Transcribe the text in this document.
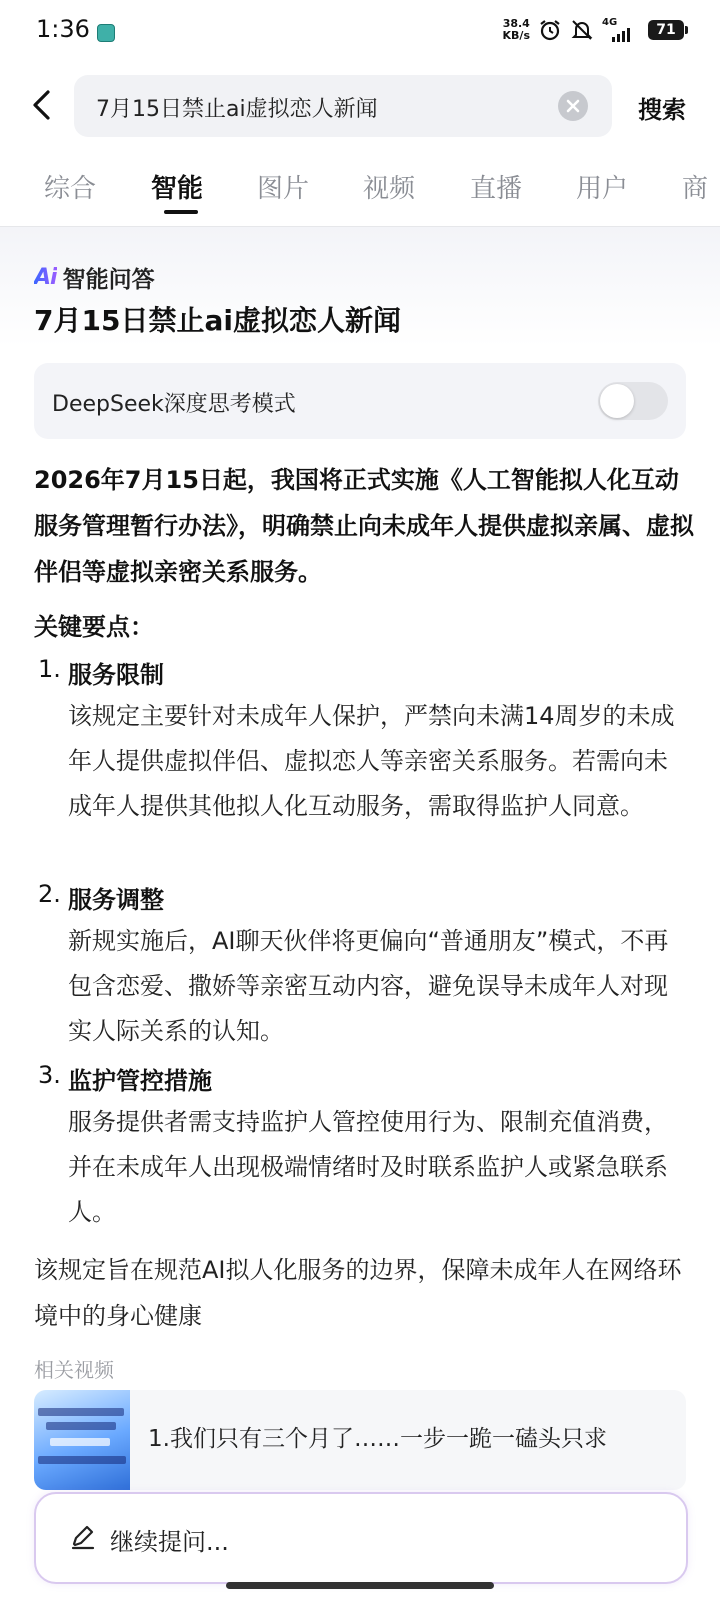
1:36	38.4
KB/s
4G	71
7月15日禁止ai虚拟恋人新闻	搜索
综合 智能 图片 视频 直播 用户 商
Ai 智能问答
7月15日禁止ai虚拟恋人新闻
DeepSeek深度思考模式
2026年7月15日起，我国将正式实施《人工智能拟人化互动服务管理暂行办法》，明确禁止向未成年人提供虚拟亲属、虚拟伴侣等虚拟亲密关系服务。
关键要点：
1. 服务限制
该规定主要针对未成年人保护，严禁向未满14周岁的未成年人提供虚拟伴侣、虚拟恋人等亲密关系服务。若需向未成年人提供其他拟人化互动服务，需取得监护人同意。
2. 服务调整
新规实施后，AI聊天伙伴将更偏向“普通朋友”模式，不再包含恋爱、撒娇等亲密互动内容，避免误导未成年人对现实人际关系的认知。
3. 监护管控措施
服务提供者需支持监护人管控使用行为、限制充值消费，并在未成年人出现极端情绪时及时联系监护人或紧急联系人。
该规定旨在规范AI拟人化服务的边界，保障未成年人在网络环境中的身心健康
相关视频
1.我们只有三个月了……一步一跪一磕头只求
继续提问...
